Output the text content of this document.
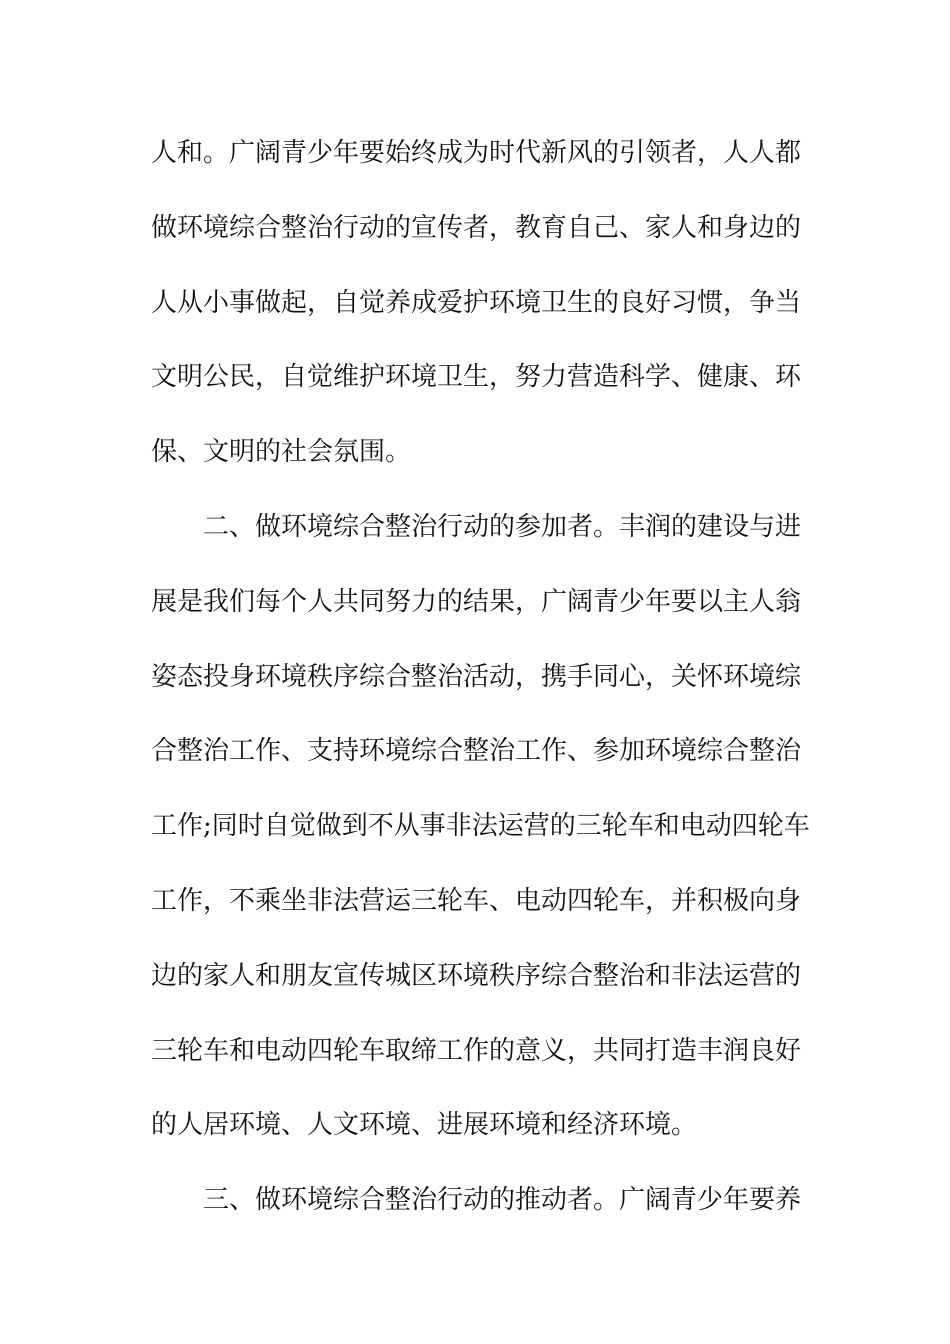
人和。广阔青少年要始终成为时代新风的引领者，人人都
做环境综合整治行动的宣传者，教育自己、家人和身边的
人从小事做起，自觉养成爱护环境卫生的良好习惯，争当
文明公民，自觉维护环境卫生，努力营造科学、健康、环
保、文明的社会氛围。
二、做环境综合整治行动的参加者。丰润的建设与进
展是我们每个人共同努力的结果，广阔青少年要以主人翁
姿态投身环境秩序综合整治活动，携手同心，关怀环境综
合整治工作、支持环境综合整治工作、参加环境综合整治
工作;同时自觉做到不从事非法运营的三轮车和电动四轮车
工作，不乘坐非法营运三轮车、电动四轮车，并积极向身
边的家人和朋友宣传城区环境秩序综合整治和非法运营的
三轮车和电动四轮车取缔工作的意义，共同打造丰润良好
的人居环境、人文环境、进展环境和经济环境。
三、做环境综合整治行动的推动者。广阔青少年要养
